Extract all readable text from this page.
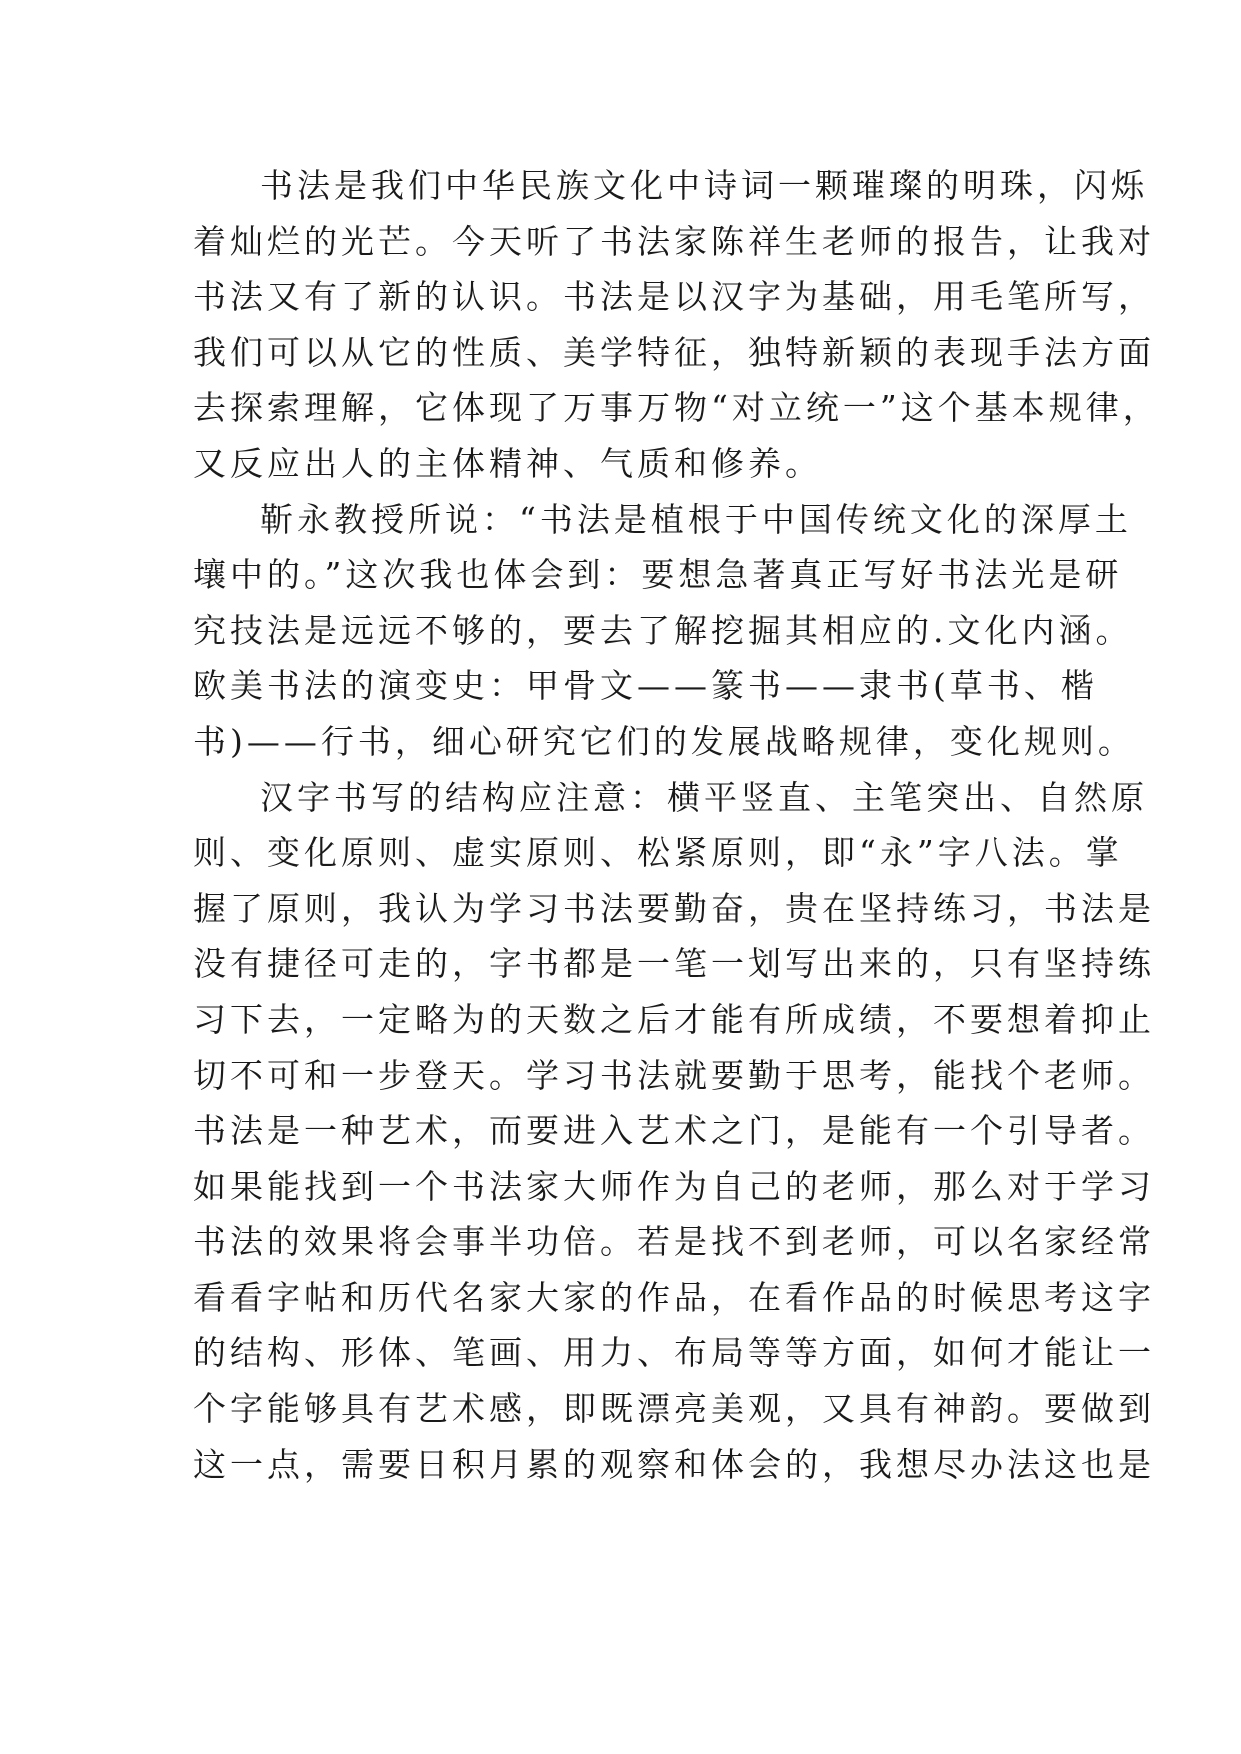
书法是我们中华民族文化中诗词一颗璀璨的明珠，闪烁
着灿烂的光芒。今天听了书法家陈祥生老师的报告，让我对
书法又有了新的认识。书法是以汉字为基础，用毛笔所写，
我们可以从它的性质、美学特征，独特新颖的表现手法方面
去探索理解，它体现了万事万物“对立统一”这个基本规律，
又反应出人的主体精神、气质和修养。
靳永教授所说：“书法是植根于中国传统文化的深厚土
壤中的。”这次我也体会到：要想急著真正写好书法光是研
究技法是远远不够的，要去了解挖掘其相应的.文化内涵。
欧美书法的演变史：甲骨文——篆书——隶书(草书、楷
书)——行书，细心研究它们的发展战略规律，变化规则。
汉字书写的结构应注意：横平竖直、主笔突出、自然原
则、变化原则、虚实原则、松紧原则，即“永”字八法。掌
握了原则，我认为学习书法要勤奋，贵在坚持练习，书法是
没有捷径可走的，字书都是一笔一划写出来的，只有坚持练
习下去，一定略为的天数之后才能有所成绩，不要想着抑止
切不可和一步登天。学习书法就要勤于思考，能找个老师。
书法是一种艺术，而要进入艺术之门，是能有一个引导者。
如果能找到一个书法家大师作为自己的老师，那么对于学习
书法的效果将会事半功倍。若是找不到老师，可以名家经常
看看字帖和历代名家大家的作品，在看作品的时候思考这字
的结构、形体、笔画、用力、布局等等方面，如何才能让一
个字能够具有艺术感，即既漂亮美观，又具有神韵。要做到
这一点，需要日积月累的观察和体会的，我想尽办法这也是
